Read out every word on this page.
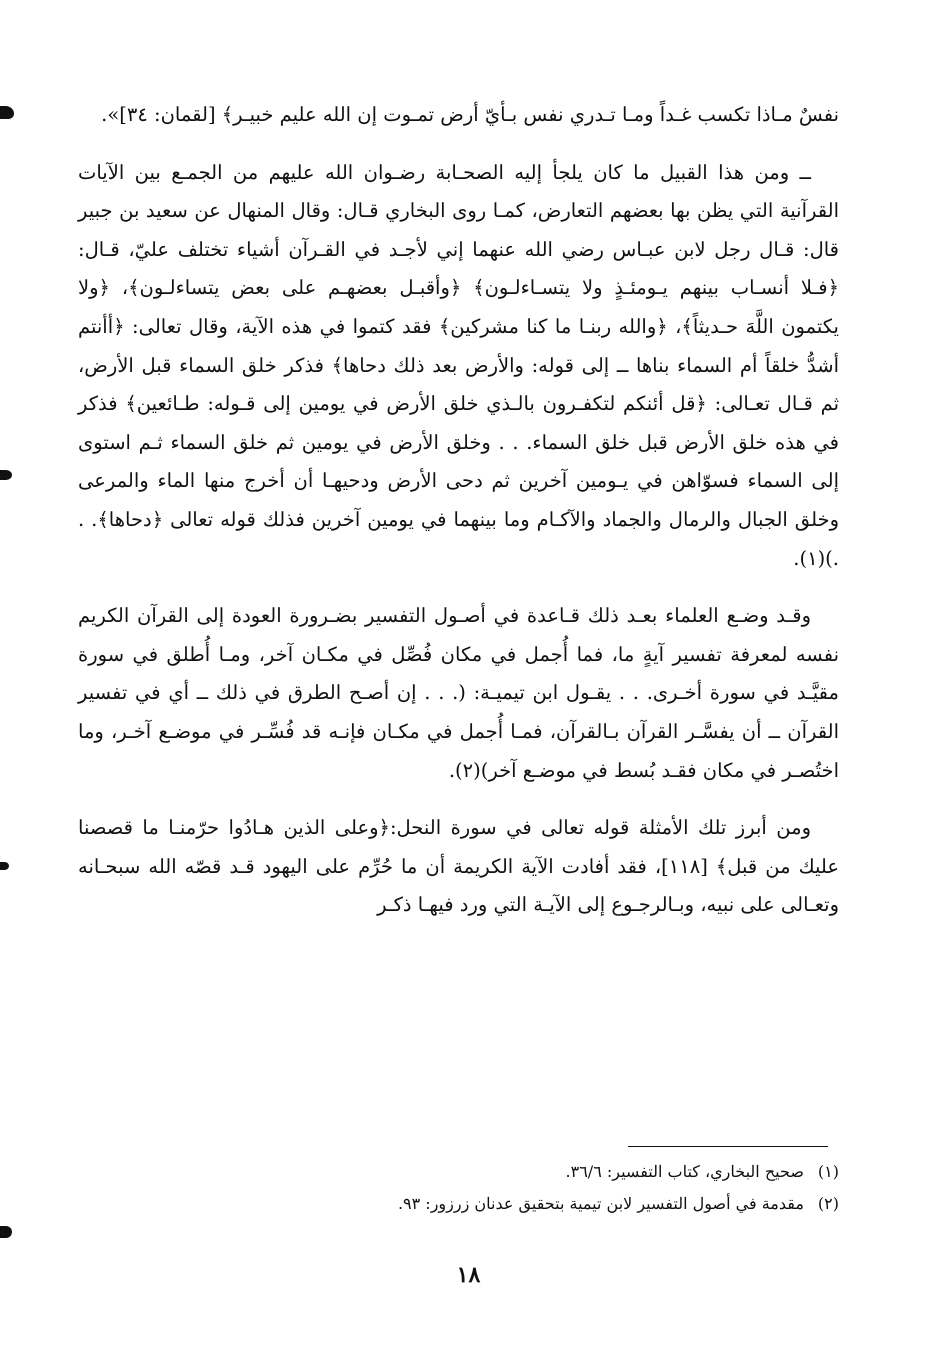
نفسٌ مـاذا تكسب غـداً ومـا تـدري نفس بـأيّ أرض تمـوت إن الله عليم خبيـر﴾ [لقمان: ٣٤]».

ــ ومن هذا القبيل ما كان يلجأ إليه الصحـابة رضـوان الله عليهم من الجمـع بين الآيات القرآنية التي يظن بها بعضهم التعارض، كمـا روى البخاري قـال: وقال المنهال عن سعيد بن جبير قال: قـال رجل لابن عبـاس رضي الله عنهما إني لأجـد في القـرآن أشياء تختلف عليّ، قـال: ﴿فـلا أنسـاب بينهم يـومئـذٍ ولا يتسـاءلـون﴾ ﴿وأقبـل بعضهـم على بعض يتساءلـون﴾، ﴿ولا يكتمون اللَّهَ حـديثاً﴾، ﴿والله ربنـا ما كنا مشركين﴾ فقد كتموا في هذه الآية، وقال تعالى: ﴿أأنتم أشدُّ خلقاً أم السماء بناها ــ إلى قوله: والأرض بعد ذلك دحاها﴾ فذكر خلق السماء قبل الأرض، ثم قـال تعـالى: ﴿قل أئنكم لتكفـرون بالـذي خلق الأرض في يومين إلى قـوله: طـائعين﴾ فذكر في هذه خلق الأرض قبل خلق السماء. . . وخلق الأرض في يومين ثم خلق السماء ثـم استوى إلى السماء فسوّاهن في يـومين آخرين ثم دحى الأرض ودحيهـا أن أخرج منها الماء والمرعى وخلق الجبال والرمال والجماد والآكـام وما بينهما في يومين آخرين فذلك قوله تعالى ﴿دحاها﴾. . .)(١).

وقـد وضـع العلماء بعـد ذلك قـاعدة في أصـول التفسير بضـرورة العودة إلى القرآن الكريم نفسه لمعرفة تفسير آيةٍ ما، فما أُجمل في مكان فُصِّل في مكـان آخر، ومـا أُطلق في سورة مقيَّـد في سورة أخـرى. . . يقـول ابن تيميـة: (. . . إن أصـح الطرق في ذلك ــ أي في تفسير القرآن ــ أن يفسَّـر القرآن بـالقرآن، فمـا أُجمل في مكـان فإنـه قد فُسِّـر في موضـع آخـر، وما اختُصـر في مكان فقـد بُسط في موضـع آخر)(٢).

ومن أبرز تلك الأمثلة قوله تعالى في سورة النحل:﴿وعلى الذين هـادُوا حرّمنـا ما قصصنا عليك من قبل﴾ [١١٨]، فقد أفادت الآية الكريمة أن ما حُرِّم على اليهود قـد قصّه الله سبحـانه وتعـالى على نبيه، وبـالرجـوع إلى الآيـة التي ورد فيهـا ذكـر

(١)صحيح البخاري، كتاب التفسير: ٣٦/٦.

(٢)مقدمة في أصول التفسير لابن تيمية بتحقيق عدنان زرزور: ٩٣.

١٨
